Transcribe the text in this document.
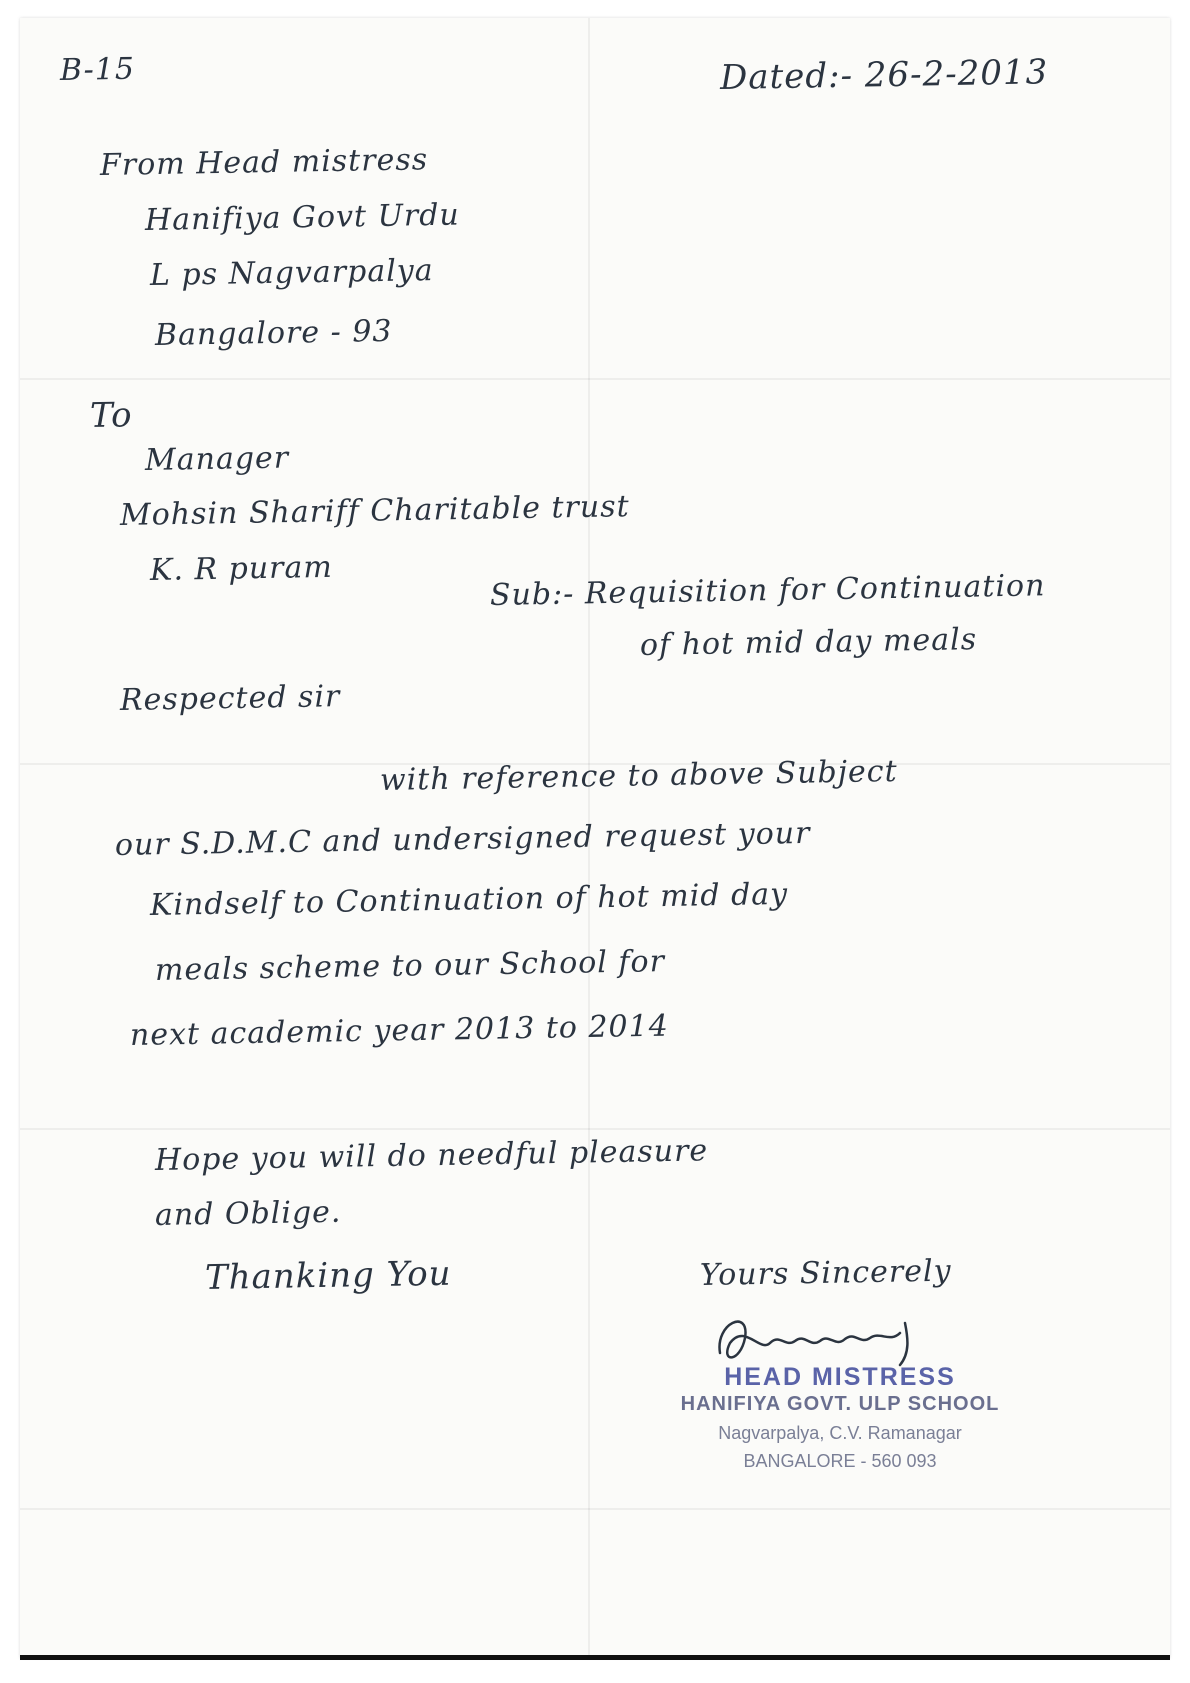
B-15	Dated:- 26-2-2013
From Head mistress
Hanifiya Govt Urdu
L ps Nagvarpalya
Bangalore - 93
To
Manager
Mohsin Shariff Charitable trust
K. R puram	Sub:- Requisition for Continuation
of hot mid day meals
Respected sir
with reference to above Subject
our S.D.M.C and undersigned request your
Kindself to Continuation of hot mid day
meals scheme to our School for
next academic year 2013 to 2014
Hope you will do needful pleasure
and Oblige.
Thanking You	Yours Sincerely
HEAD MISTRESS
HANIFIYA GOVT. ULP SCHOOL
Nagvarpalya, C.V. Ramanagar
BANGALORE - 560 093
